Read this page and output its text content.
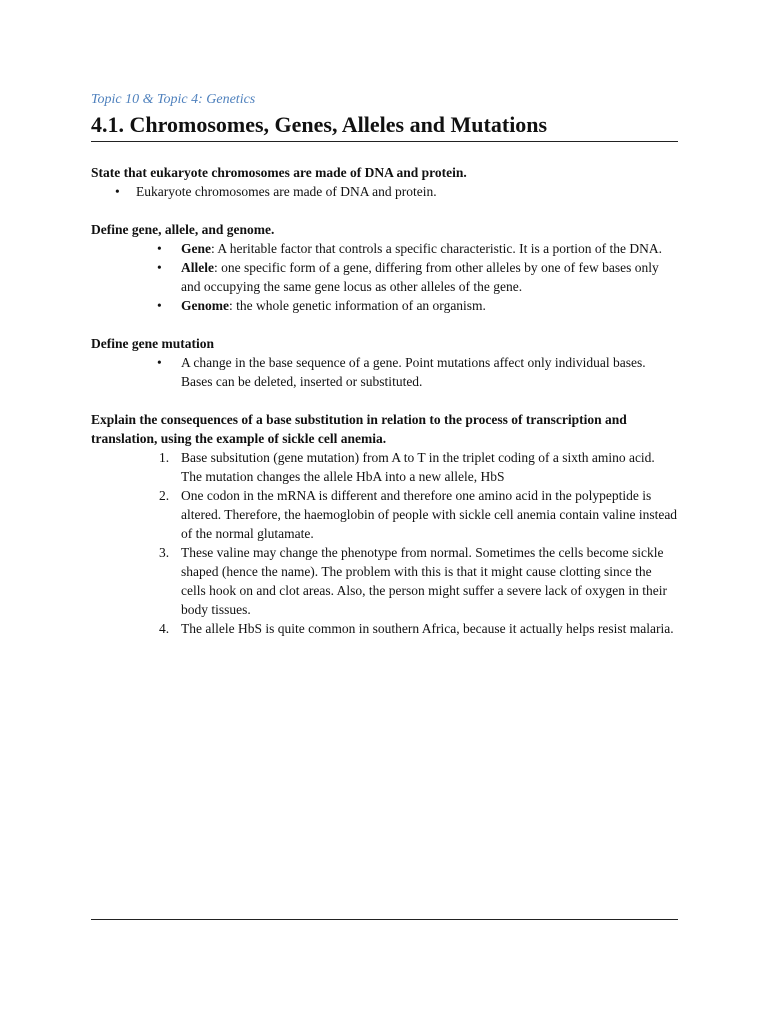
Topic 10 & Topic 4: Genetics

4.1. Chromosomes, Genes, Alleles and Mutations

State that eukaryote chromosomes are made of DNA and protein.

• Eukaryote chromosomes are made of DNA and protein.

Define gene, allele, and genome.

• Gene: A heritable factor that controls a specific characteristic. It is a portion of the DNA.
• Allele: one specific form of a gene, differing from other alleles by one of few bases only and occupying the same gene locus as other alleles of the gene.
• Genome: the whole genetic information of an organism.

Define gene mutation

• A change in the base sequence of a gene. Point mutations affect only individual bases. Bases can be deleted, inserted or substituted.

Explain the consequences of a base substitution in relation to the process of transcription and translation, using the example of sickle cell anemia.

1. Base subsitution (gene mutation) from A to T in the triplet coding of a sixth amino acid. The mutation changes the allele HbA into a new allele, HbS
2. One codon in the mRNA is different and therefore one amino acid in the polypeptide is altered. Therefore, the haemoglobin of people with sickle cell anemia contain valine instead of the normal glutamate.
3. These valine may change the phenotype from normal. Sometimes the cells become sickle shaped (hence the name). The problem with this is that it might cause clotting since the cells hook on and clot areas. Also, the person might suffer a severe lack of oxygen in their body tissues.
4. The allele HbS is quite common in southern Africa, because it actually helps resist malaria.
